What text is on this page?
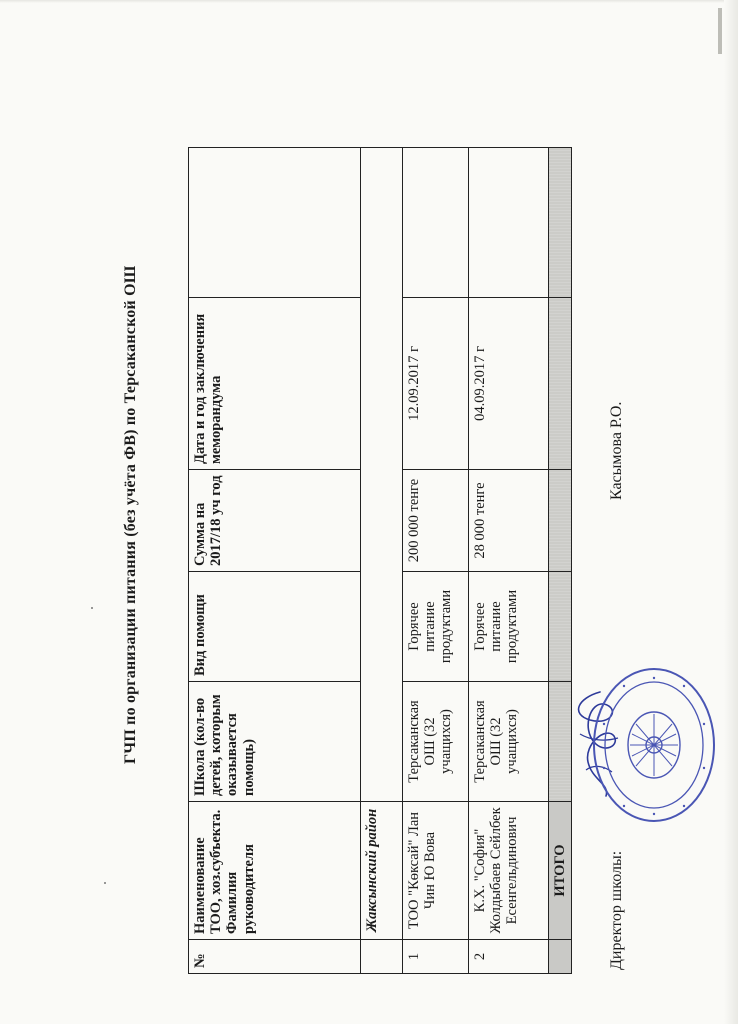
ГЧП по организации питания (без учёта ФВ) по Терсаканской ОШ
№	Наименование ТОО, хоз.субъекта. Фамилия руководителя	Школа (кол-во детей, которым оказывается помощь)	Вид помощи	Сумма на 2017/18 уч год	Дата и год заключения меморандума	
	Жаксынский район					
1	ТОО "Көксай" Лан Чин Ю Вова	Терсаканская ОШ (32 учащихся)	Горячее питание продуктами	200 000 тенге	12.09.2017 г	
2	К.Х. "София" Жолдыбаев Сейлбек Есенгельдинович	Терсаканская ОШ (32 учащихся)	Горячее питание продуктами	28 000 тенге	04.09.2017 г	
	ИТОГО						Директор школы:Касымова Р.О.
